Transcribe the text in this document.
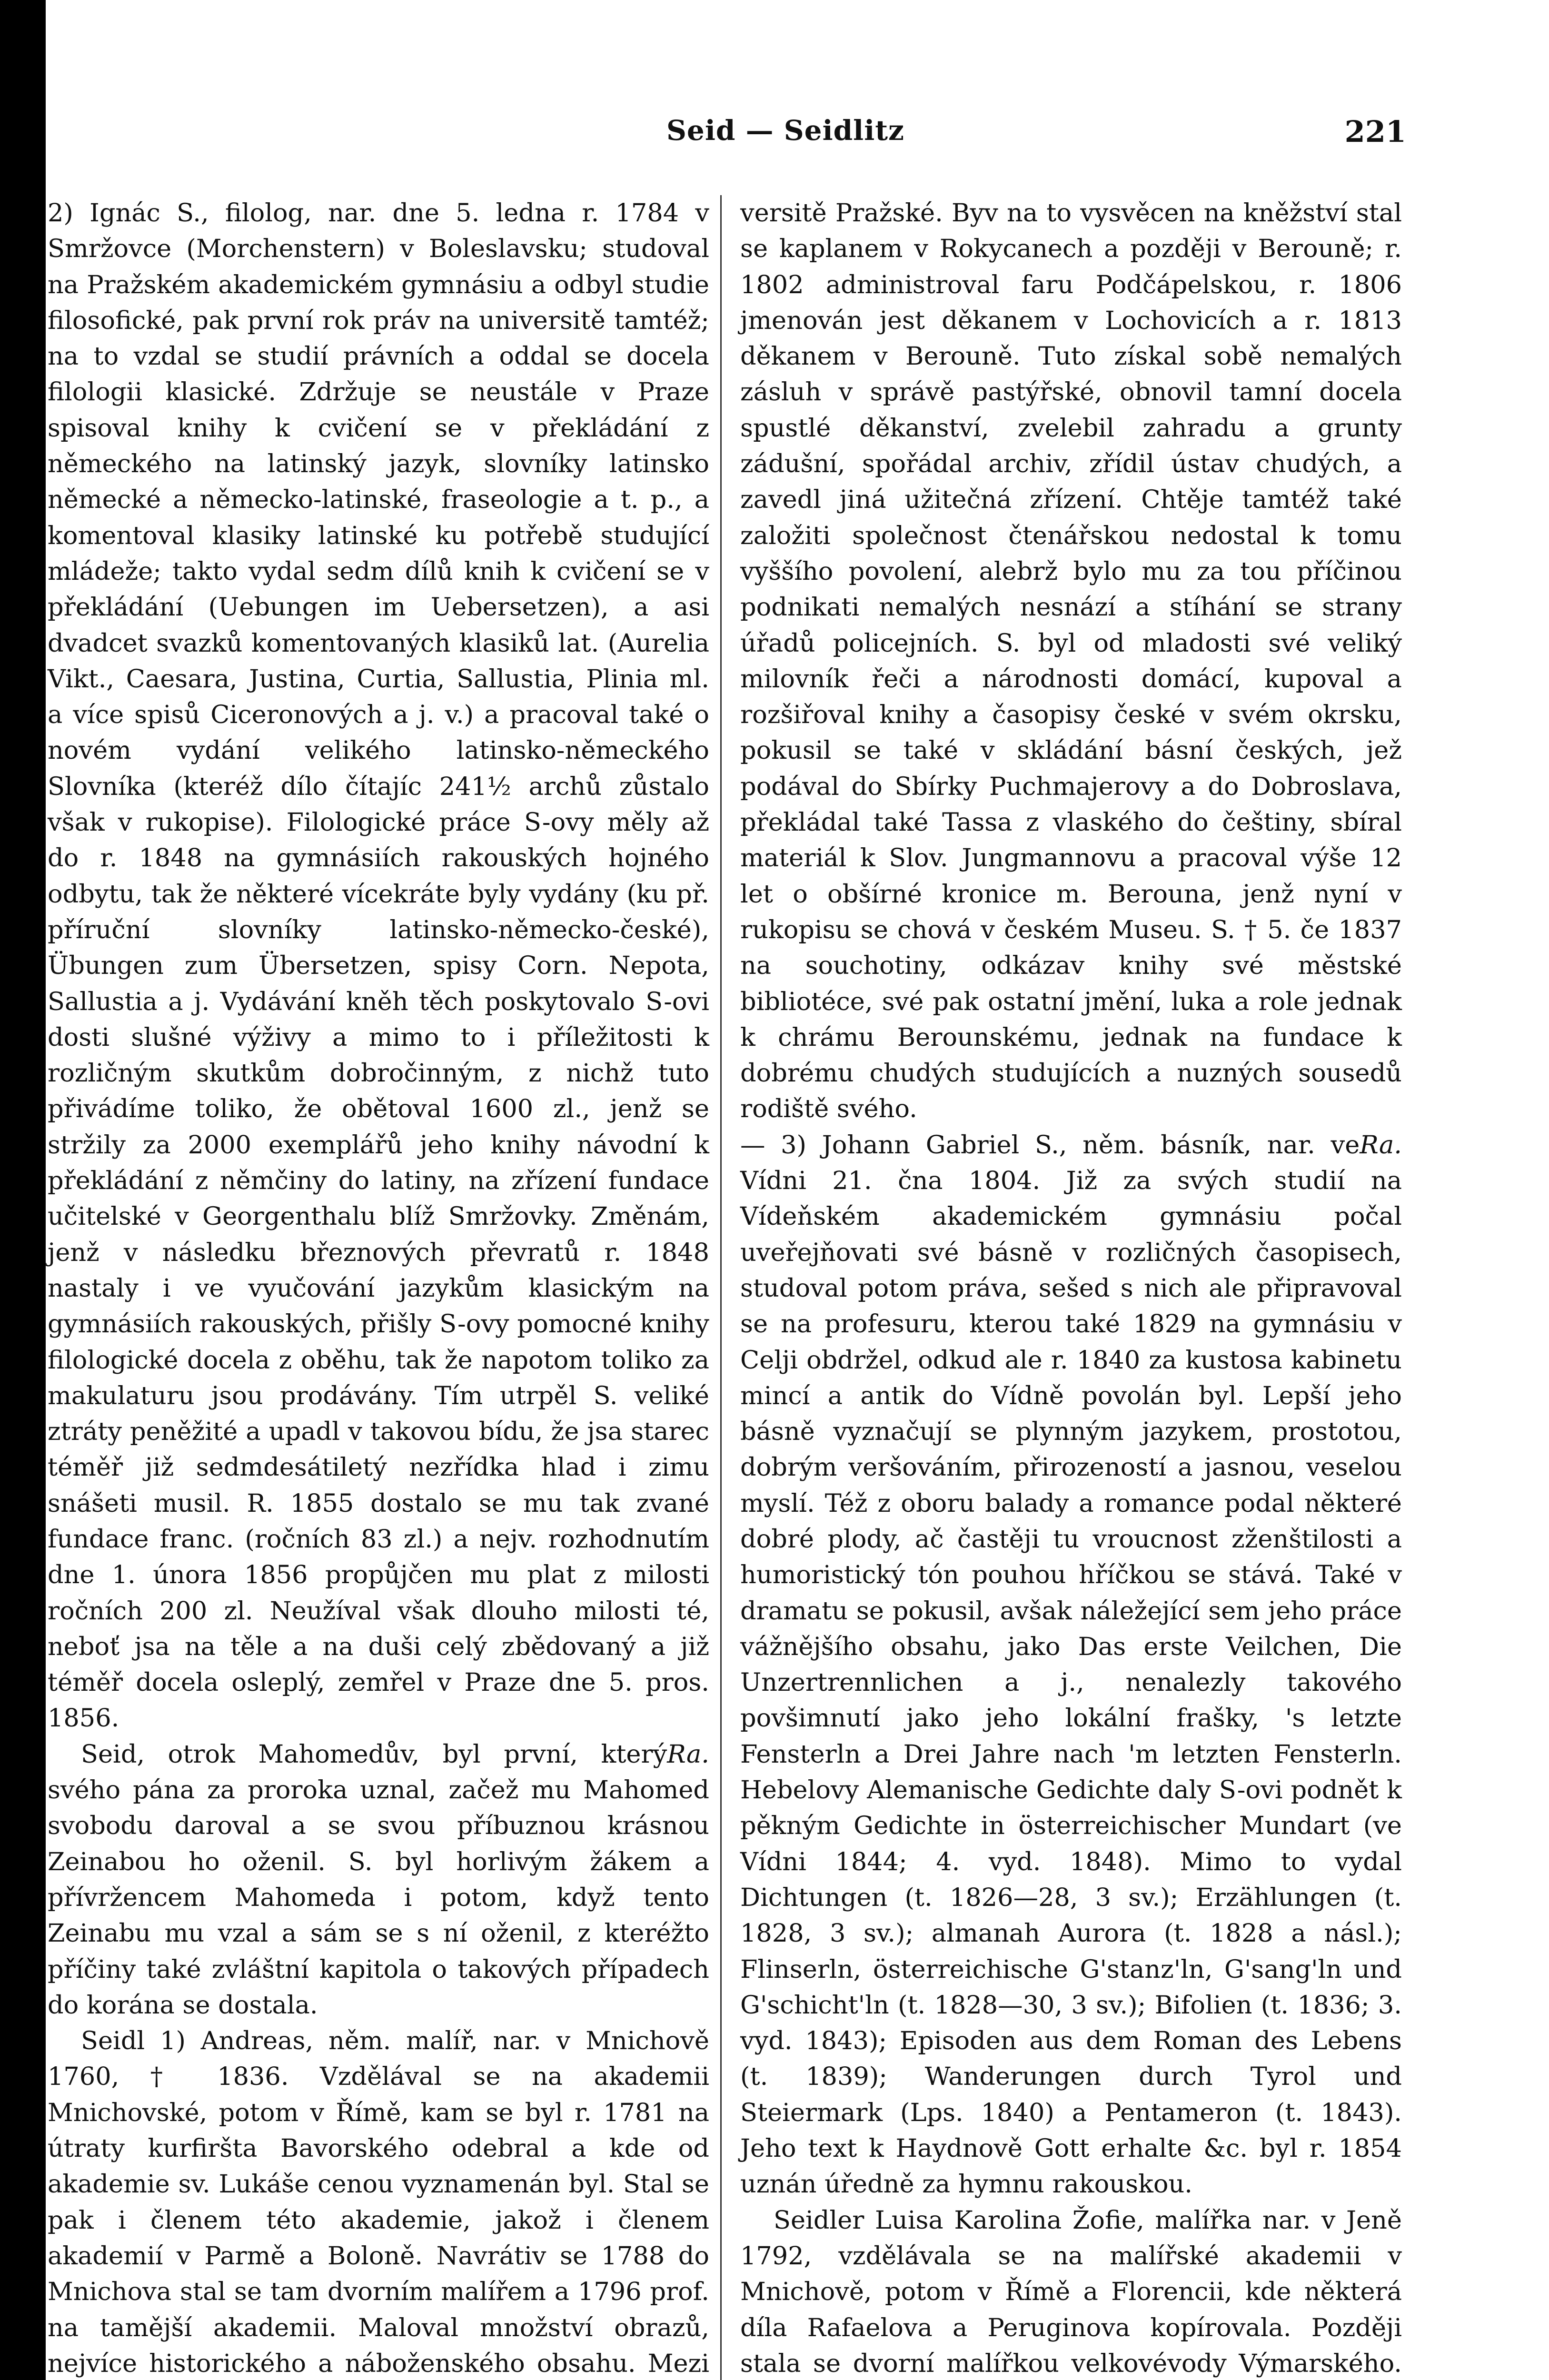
Seid — Seidlitz	221

2) Ignác S., filolog, nar. dne 5. ledna r. 1784 v Smržovce (Morchenstern) v Boleslavsku; studoval na Pražském akademickém gymnásiu a odbyl studie filosofické, pak první rok práv na universitě tamtéž; na to vzdal se studií právních a oddal se docela filologii klasické. Zdržuje se neustále v Praze spisoval knihy k cvičení se v překládání z německého na latinský jazyk, slovníky latinsko německé a německo-latinské, fraseologie a t. p., a komentoval klasiky latinské ku potřebě studující mládeže; takto vydal sedm dílů knih k cvičení se v překládání (Uebungen im Uebersetzen), a asi dvadcet svazků komentovaných klasiků lat. (Aurelia Vikt., Caesara, Justina, Curtia, Sallustia, Plinia ml. a více spisů Ciceronových a j. v.) a pracoval také o novém vydání velikého latinsko-německého Slovníka (kteréž dílo čítajíc 241½ archů zůstalo však v rukopise). Filologické práce S-ovy měly až do r. 1848 na gymnásiích rakouských hojného odbytu, tak že některé vícekráte byly vydány (ku př. příruční slovníky latinsko-německo-české), Übungen zum Übersetzen, spisy Corn. Nepota, Sallustia a j. Vydávání kněh těch poskytovalo S-ovi dosti slušné výživy a mimo to i příležitosti k rozličným skutkům dobročinným, z nichž tuto přivádíme toliko, že obětoval 1600 zl., jenž se stržily za 2000 exemplářů jeho knihy návodní k překládání z němčiny do latiny, na zřízení fundace učitelské v Georgenthalu blíž Smržovky. Změnám, jenž v následku březnových převratů r. 1848 nastaly i ve vyučování jazykům klasickým na gymnásiích rakouských, přišly S-ovy pomocné knihy filologické docela z oběhu, tak že napotom toliko za makulaturu jsou prodávány. Tím utrpěl S. veliké ztráty peněžité a upadl v takovou bídu, že jsa starec téměř již sedmdesátiletý nezřídka hlad i zimu snášeti musil. R. 1855 dostalo se mu tak zvané fundace franc. (ročních 83 zl.) a nejv. rozhodnutím dne 1. února 1856 propůjčen mu plat z milosti ročních 200 zl. Neužíval však dlouho milosti té, neboť jsa na těle a na duši celý zbědovaný a již téměř docela osleplý, zemřel v Praze dne 5. pros. 1856.

Ra.

Seid, otrok Mahomedův, byl první, který svého pána za proroka uznal, začež mu Mahomed svobodu daroval a se svou příbuznou krásnou Zeinabou ho oženil. S. byl horlivým žákem a přívržencem Mahomeda i potom, když tento Zeinabu mu vzal a sám se s ní oženil, z kteréžto příčiny také zvláštní kapitola o takových případech do korána se dostala.

Seidl 1) Andreas, něm. malíř, nar. v Mnichově 1760, † 1836. Vzdělával se na akademii Mnichovské, potom v Římě, kam se byl r. 1781 na útraty kurfiršta Bavorského odebral a kde od akademie sv. Lukáše cenou vyznamenán byl. Stal se pak i členem této akademie, jakož i členem akademií v Parmě a Boloně. Navrátiv se 1788 do Mnichova stal se tam dvorním malířem a 1796 prof. na tamější akademii. Maloval množství obrazů, nejvíce historického a náboženského obsahu. Mezi

versitě Pražské. Byv na to vysvěcen na kněžství stal se kaplanem v Rokycanech a později v Berouně; r. 1802 administroval faru Podčápelskou, r. 1806 jmenován jest děkanem v Lochovicích a r. 1813 děkanem v Berouně. Tuto získal sobě nemalých zásluh v správě pastýřské, obnovil tamní docela spustlé děkanství, zvelebil zahradu a grunty zádušní, spořádal archiv, zřídil ústav chudých, a zavedl jiná užitečná zřízení. Chtěje tamtéž také založiti společnost čtenářskou nedostal k tomu vyššího povolení, alebrž bylo mu za tou příčinou podnikati nemalých nesnází a stíhání se strany úřadů policejních. S. byl od mladosti své veliký milovník řeči a národnosti domácí, kupoval a rozšiřoval knihy a časopisy české v svém okrsku, pokusil se také v skládání básní českých, jež podával do Sbírky Puchmajerovy a do Dobroslava, překládal také Tassa z vlaského do češtiny, sbíral materiál k Slov. Jungmannovu a pracoval výše 12 let o obšírné kronice m. Berouna, jenž nyní v rukopisu se chová v českém Museu. S. † 5. če 1837 na souchotiny, odkázav knihy své městské bibliotéce, své pak ostatní jmění, luka a role jednak k chrámu Berounskému, jednak na fundace k dobrému chudých studujících a nuzných sousedů rodiště svého.

Ra.

— 3) Johann Gabriel S., něm. básník, nar. ve Vídni 21. čna 1804. Již za svých studií na Vídeňském akademickém gymnásiu počal uveřejňovati své básně v rozličných časopisech, studoval potom práva, sešed s nich ale připravoval se na profesuru, kterou také 1829 na gymnásiu v Celji obdržel, odkud ale r. 1840 za kustosa kabinetu mincí a antik do Vídně povolán byl. Lepší jeho básně vyznačují se plynným jazykem, prostotou, dobrým veršováním, přirozeností a jasnou, veselou myslí. Též z oboru balady a romance podal některé dobré plody, ač častěji tu vroucnost zženštilosti a humoristický tón pouhou hříčkou se stává. Také v dramatu se pokusil, avšak náležející sem jeho práce vážnějšího obsahu, jako Das erste Veilchen, Die Unzertrennlichen a j., nenalezly takového povšimnutí jako jeho lokální frašky, 's letzte Fensterln a Drei Jahre nach 'm letzten Fensterln. Hebelovy Alemanische Gedichte daly S-ovi podnět k pěkným Gedichte in österreichischer Mundart (ve Vídni 1844; 4. vyd. 1848). Mimo to vydal Dichtungen (t. 1826—28, 3 sv.); Erzählungen (t. 1828, 3 sv.); almanah Aurora (t. 1828 a násl.); Flinserln, österreichische G'stanz'ln, G'sang'ln und G'schicht'ln (t. 1828—30, 3 sv.); Bifolien (t. 1836; 3. vyd. 1843); Episoden aus dem Roman des Lebens (t. 1839); Wanderungen durch Tyrol und Steiermark (Lps. 1840) a Pentameron (t. 1843). Jeho text k Haydnově Gott erhalte &c. byl r. 1854 uznán úředně za hymnu rakouskou.

Seidler Luisa Karolina Žofie, malířka nar. v Jeně 1792, vzdělávala se na malířské akademii v Mnichově, potom v Římě a Florencii, kde některá díla Rafaelova a Peruginova kopírovala. Později stala se dvorní malířkou velkovévody Výmarského.
